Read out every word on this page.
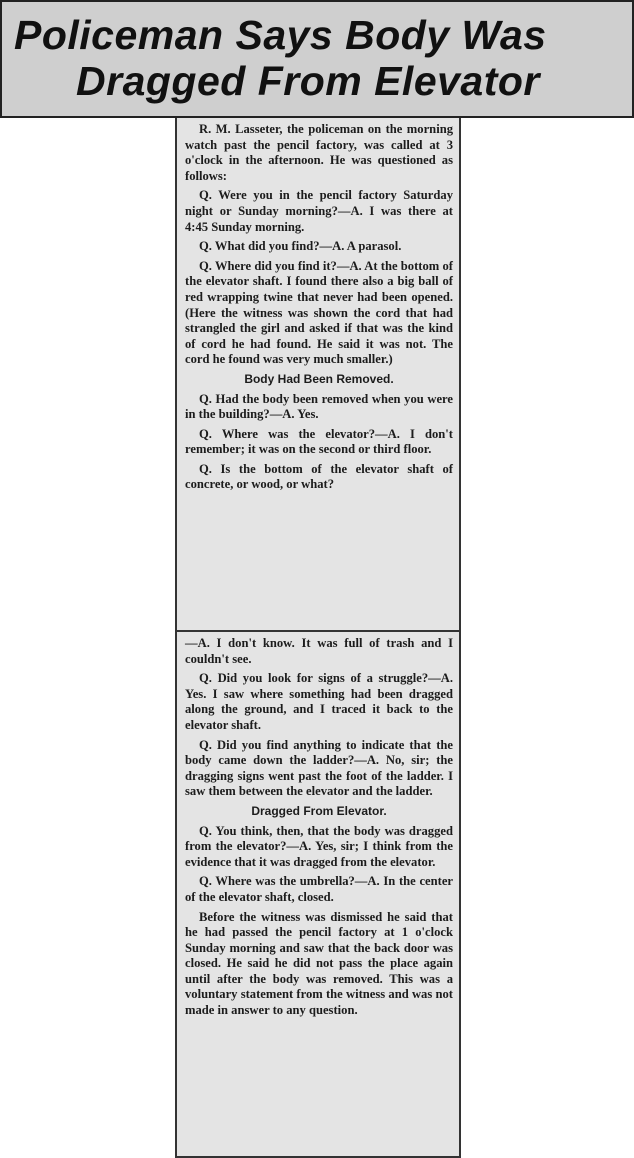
Policeman Says Body Was
Dragged From Elevator

R. M. Lasseter, the policeman on the morning watch past the pencil factory, was called at 3 o'clock in the afternoon. He was questioned as follows:

Q. Were you in the pencil factory Saturday night or Sunday morning?—A. I was there at 4:45 Sunday morning.

Q. What did you find?—A. A parasol.

Q. Where did you find it?—A. At the bottom of the elevator shaft. I found there also a big ball of red wrapping twine that never had been opened. (Here the witness was shown the cord that had strangled the girl and asked if that was the kind of cord he had found. He said it was not. The cord he found was very much smaller.)

Body Had Been Removed.

Q. Had the body been removed when you were in the building?—A. Yes.

Q. Where was the elevator?—A. I don't remember; it was on the second or third floor.

Q. Is the bottom of the elevator shaft of concrete, or wood, or what?

—A. I don't know. It was full of trash and I couldn't see.

Q. Did you look for signs of a struggle?—A. Yes. I saw where something had been dragged along the ground, and I traced it back to the elevator shaft.

Q. Did you find anything to indicate that the body came down the ladder?—A. No, sir; the dragging signs went past the foot of the ladder. I saw them between the elevator and the ladder.

Dragged From Elevator.

Q. You think, then, that the body was dragged from the elevator?—A. Yes, sir; I think from the evidence that it was dragged from the elevator.

Q. Where was the umbrella?—A. In the center of the elevator shaft, closed.

Before the witness was dismissed he said that he had passed the pencil factory at 1 o'clock Sunday morning and saw that the back door was closed. He said he did not pass the place again until after the body was removed. This was a voluntary statement from the witness and was not made in answer to any question.
